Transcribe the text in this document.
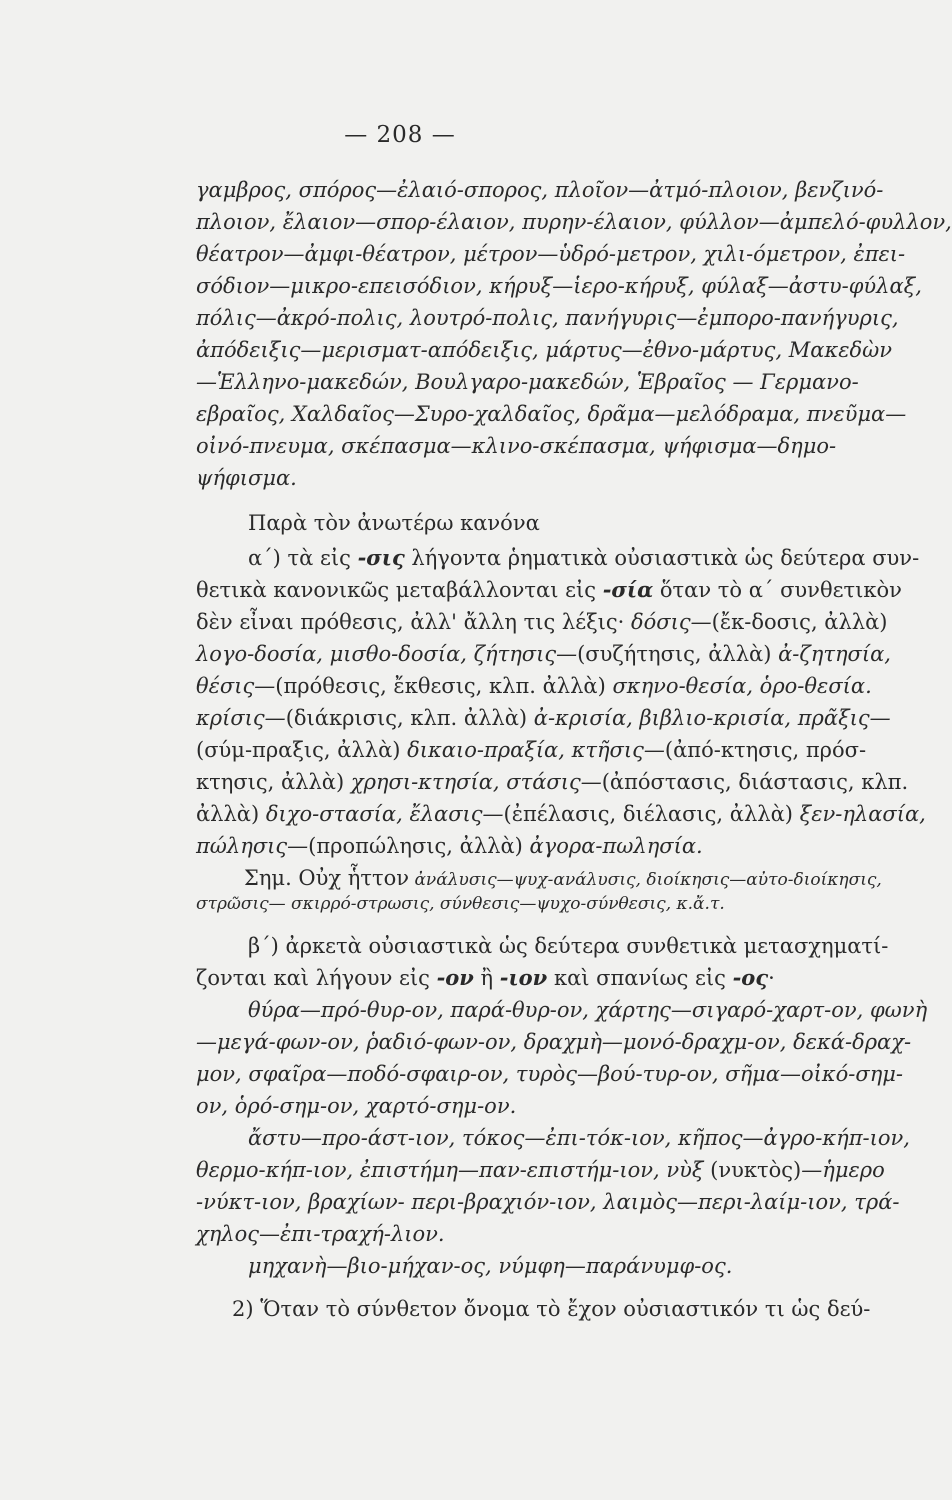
— 208 —
γαμβρος, σπόρος—ἐλαιό-σπορος, πλοῖον—ἀτμό-πλοιον, βενζινό-
πλοιον, ἔλαιον—σπορ-έλαιον, πυρην-έλαιον, φύλλον—ἀμπελό-φυλλον,
θέατρον—ἀμφι-θέατρον, μέτρον—ὑδρό-μετρον, χιλι-όμετρον, ἐπει-
σόδιον—μικρο-επεισόδιον, κήρυξ—ἱερο-κήρυξ, φύλαξ—ἀστυ-φύλαξ,
πόλις—ἀκρό-πολις, λουτρό-πολις, πανήγυρις—ἐμπορο-πανήγυρις,
ἀπόδειξις—μερισματ-απόδειξις, μάρτυς—ἐθνο-μάρτυς, Μακεδὼν
—Ἑλληνο-μακεδών, Βουλγαρο-μακεδών, Ἑβραῖος — Γερμανο-
εβραῖος, Χαλδαῖος—Συρο-χαλδαῖος, δρᾶμα—μελόδραμα, πνεῦμα—
οἰνό-πνευμα, σκέπασμα—κλινο-σκέπασμα, ψήφισμα—δημο-
ψήφισμα.
Παρὰ τὸν ἀνωτέρω κανόνα
α΄) τὰ εἰς -σις λήγοντα ῥηματικὰ οὐσιαστικὰ ὡς δεύτερα συν-
θετικὰ κανονικῶς μεταβάλλονται εἰς -σία ὅταν τὸ α΄ συνθετικὸν
δὲν εἶναι πρόθεσις, ἀλλ' ἄλλη τις λέξις· δόσις—(ἔκ-δοσις, ἀλλὰ)
λογο-δοσία, μισθο-δοσία, ζήτησις—(συζήτησις, ἀλλὰ) ἀ-ζητησία,
θέσις—(πρόθεσις, ἔκθεσις, κλπ. ἀλλὰ) σκηνο-θεσία, ὁρο-θεσία.
κρίσις—(διάκρισις, κλπ. ἀλλὰ) ἀ-κρισία, βιβλιο-κρισία, πρᾶξις—
(σύμ-πραξις, ἀλλὰ) δικαιο-πραξία, κτῆσις—(ἀπό-κτησις, πρόσ-
κτησις, ἀλλὰ) χρησι-κτησία, στάσις—(ἀπόστασις, διάστασις, κλπ.
ἀλλὰ) διχο-στασία, ἔλασις—(ἐπέλασις, διέλασις, ἀλλὰ) ξεν-ηλασία,
πώλησις—(προπώλησις, ἀλλὰ) ἀγορα-πωλησία.
Σημ. Οὐχ ἧττον ἀνάλυσις—ψυχ-ανάλυσις, διοίκησις—αὐτο-διοίκησις,
στρῶσις— σκιρρό-στρωσις, σύνθεσις—ψυχο-σύνθεσις, κ.ἄ.τ.
β΄) ἀρκετὰ οὐσιαστικὰ ὡς δεύτερα συνθετικὰ μετασχηματί-
ζονται καὶ λήγουν εἰς -ον ἢ -ιον καὶ σπανίως εἰς -ος·
θύρα—πρό-θυρ-ον, παρά-θυρ-ον, χάρτης—σιγαρό-χαρτ-ον, φωνὴ
—μεγά-φων-ον, ῥαδιό-φων-ον, δραχμὴ—μονό-δραχμ-ον, δεκά-δραχ-
μον, σφαῖρα—ποδό-σφαιρ-ον, τυρὸς—βού-τυρ-ον, σῆμα—οἰκό-σημ-
ον, ὁρό-σημ-ον, χαρτό-σημ-ον.
ἄστυ—προ-άστ-ιον, τόκος—ἐπι-τόκ-ιον, κῆπος—ἀγρο-κήπ-ιον,
θερμο-κήπ-ιον, ἐπιστήμη—παν-επιστήμ-ιον, νὺξ (νυκτὸς)—ἡμερο
-νύκτ-ιον, βραχίων- περι-βραχιόν-ιον, λαιμὸς—περι-λαίμ-ιον, τρά-
χηλος—ἐπι-τραχή-λιον.
μηχανὴ—βιο-μήχαν-ος, νύμφη—παράνυμφ-ος.
2) Ὅταν τὸ σύνθετον ὄνομα τὸ ἔχον οὐσιαστικόν τι ὡς δεύ-
